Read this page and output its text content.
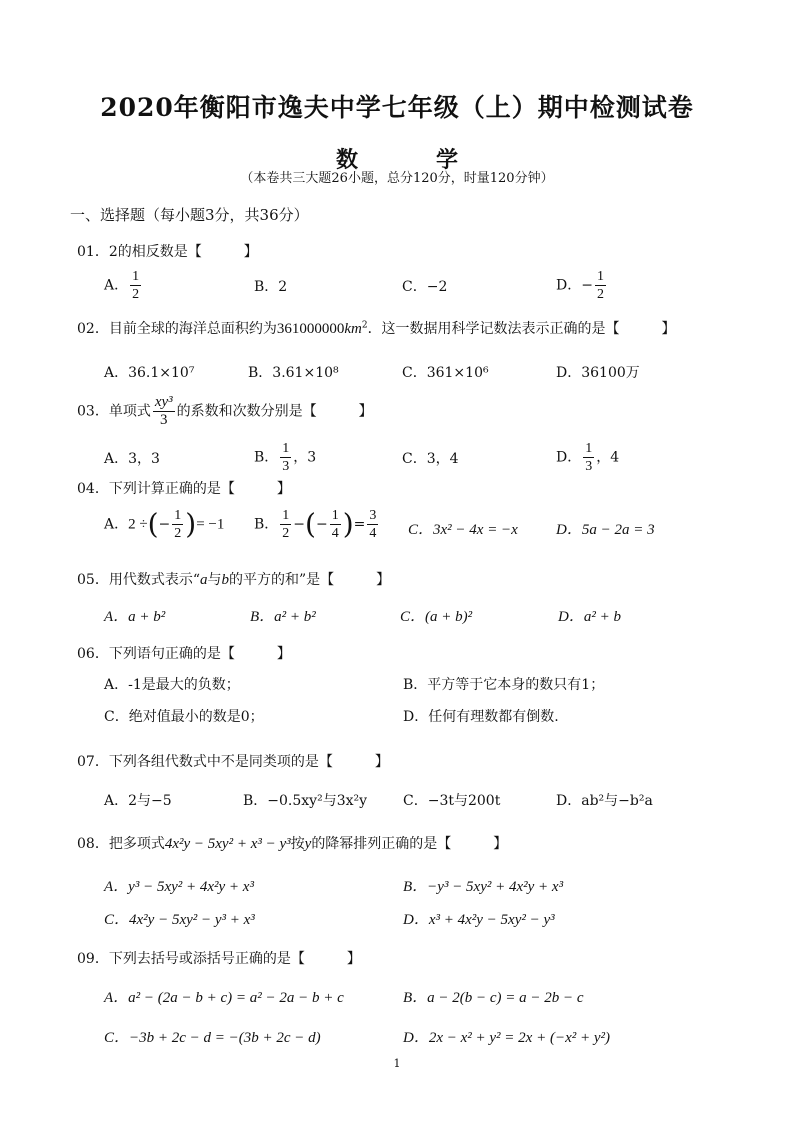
2020年衡阳市逸夫中学七年级（上）期中检测试卷
数	学
（本卷共三大题26小题，总分120分，时量120分钟）
一、选择题（每小题3分，共36分）
01．2的相反数是【　　　】
A． $\frac{1}{2}$	B．2	C．−2	D．− $\frac{1}{2}$
02．目前全球的海洋总面积约为$361000000km^2$．这一数据用科学记数法表示正确的是【　　　】
A．36.1×10⁷	B．3.61×10⁸	C．361×10⁶	D．36100万
03．单项式 $\frac{\text{xy³}}{3}$ 的系数和次数分别是【　　　】
A．3，3	B． $\frac{1}{3}$ ，3	C．3，4	D． $\frac{1}{3}$ ，4
04．下列计算正确的是【　　　】
A．2 ÷(− $\frac{1}{2}$ )= −1 B． $\frac{1}{2}$ −(− $\frac{1}{4}$ )= $\frac{3}{4}$ C．3x² − 4x = −x	D．5a − 2a = 3
05．用代数式表示“a与b的平方的和”是【　　　】
A．a + b²	B．a² + b²	C．(a + b)²	D．a² + b
06．下列语句正确的是【　　　】
A．-1是最大的负数；	B．平方等于它本身的数只有1；
C．绝对值最小的数是0；	D．任何有理数都有倒数.
07．下列各组代数式中不是同类项的是【　　　】
A．2与−5	B．−0.5xy²与3x²y	C．−3t与200t	D．ab²与−b²a
08．把多项式4x²y − 5xy² + x³ − y³按y的降幂排列正确的是【　　　】
A．y³ − 5xy² + 4x²y + x³	B．−y³ − 5xy² + 4x²y + x³
C．4x²y − 5xy² − y³ + x³	D．x³ + 4x²y − 5xy² − y³
09．下列去括号或添括号正确的是【　　　】
A．a² − (2a − b + c) = a² − 2a − b + c	B．a − 2(b − c) = a − 2b − c
C．−3b + 2c − d = −(3b + 2c − d)	D．2x − x² + y² = 2x + (−x² + y²)
1
